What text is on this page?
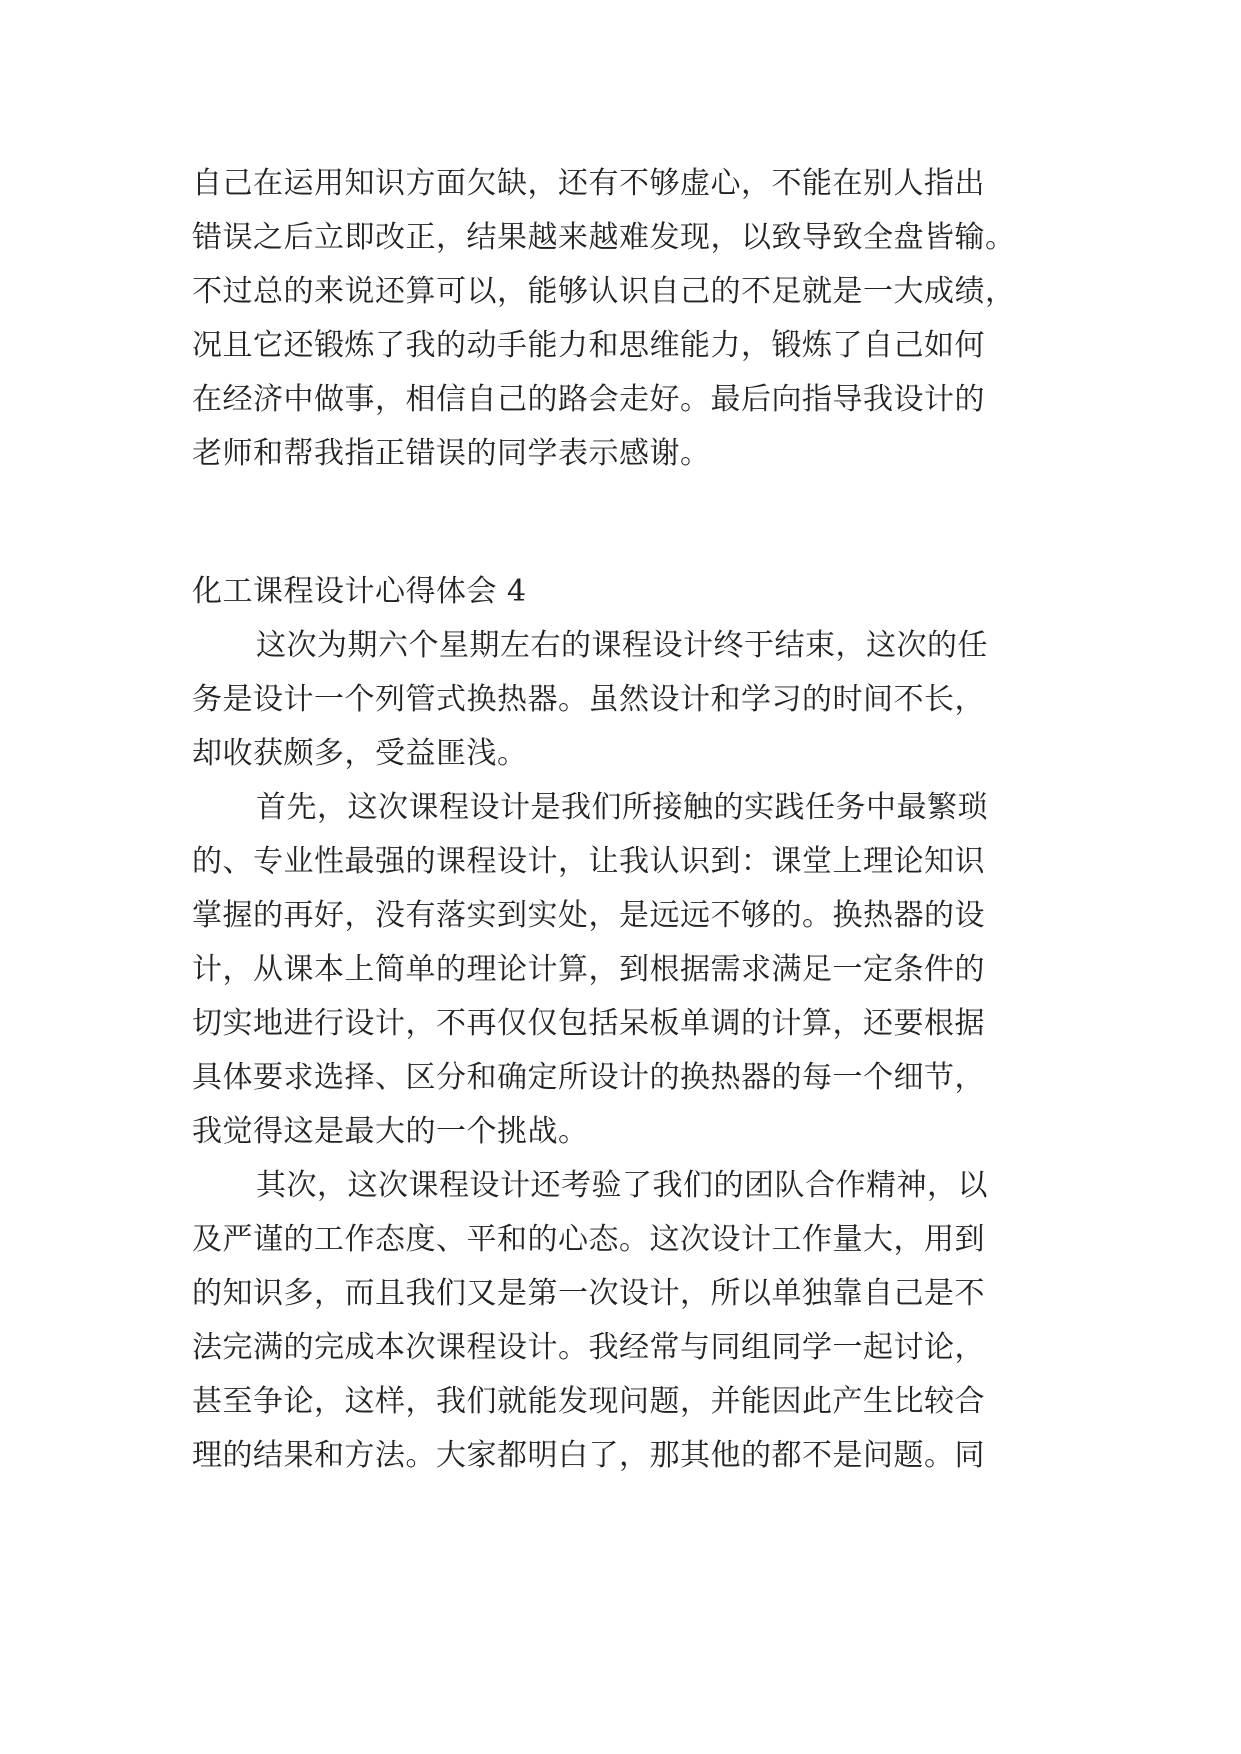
自己在运用知识方面欠缺，还有不够虚心，不能在别人指出
错误之后立即改正，结果越来越难发现，以致导致全盘皆输。
不过总的来说还算可以，能够认识自己的不足就是一大成绩，
况且它还锻炼了我的动手能力和思维能力，锻炼了自己如何
在经济中做事，相信自己的路会走好。最后向指导我设计的
老师和帮我指正错误的同学表示感谢。
化工课程设计心得体会 4
这次为期六个星期左右的课程设计终于结束，这次的任
务是设计一个列管式换热器。虽然设计和学习的时间不长，
却收获颇多，受益匪浅。
首先，这次课程设计是我们所接触的实践任务中最繁琐
的、专业性最强的课程设计，让我认识到：课堂上理论知识
掌握的再好，没有落实到实处，是远远不够的。换热器的设
计，从课本上简单的理论计算，到根据需求满足一定条件的
切实地进行设计，不再仅仅包括呆板单调的计算，还要根据
具体要求选择、区分和确定所设计的换热器的每一个细节，
我觉得这是最大的一个挑战。
其次，这次课程设计还考验了我们的团队合作精神，以
及严谨的工作态度、平和的心态。这次设计工作量大，用到
的知识多，而且我们又是第一次设计，所以单独靠自己是不
法完满的完成本次课程设计。我经常与同组同学一起讨论，
甚至争论，这样，我们就能发现问题，并能因此产生比较合
理的结果和方法。大家都明白了，那其他的都不是问题。同
